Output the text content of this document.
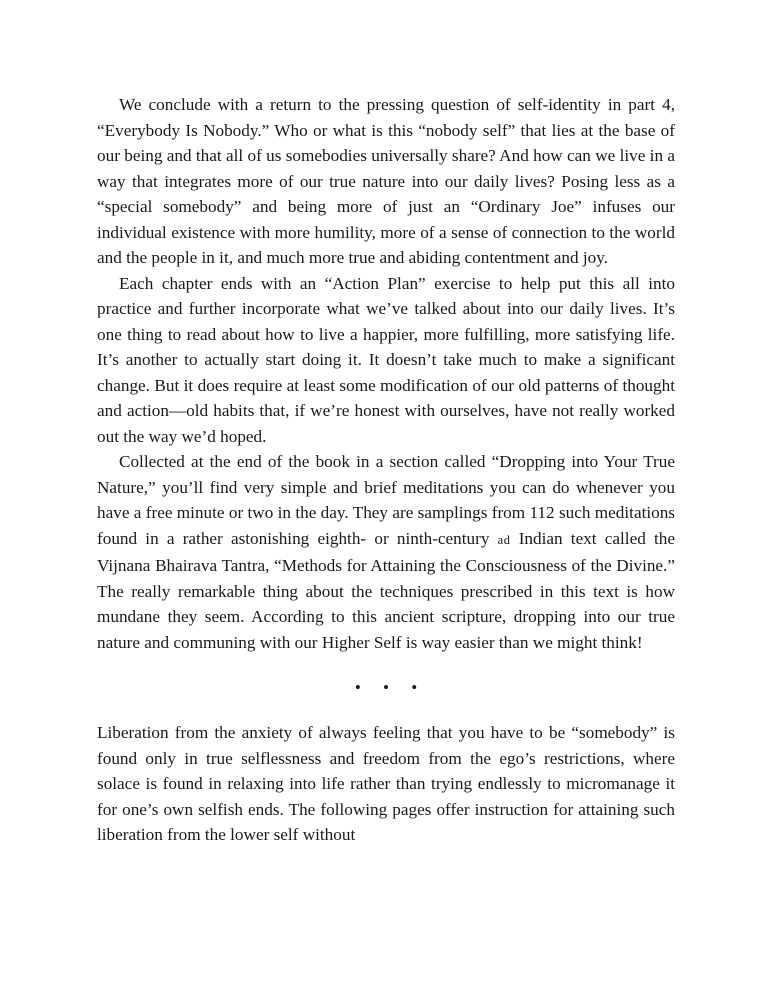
We conclude with a return to the pressing question of self-identity in part 4, “Everybody Is Nobody.” Who or what is this “nobody self” that lies at the base of our being and that all of us somebodies universally share? And how can we live in a way that integrates more of our true nature into our daily lives? Posing less as a “special somebody” and being more of just an “Ordinary Joe” infuses our individual existence with more humility, more of a sense of connection to the world and the people in it, and much more true and abiding contentment and joy.

Each chapter ends with an “Action Plan” exercise to help put this all into practice and further incorporate what we’ve talked about into our daily lives. It’s one thing to read about how to live a happier, more fulfilling, more satisfying life. It’s another to actually start doing it. It doesn’t take much to make a significant change. But it does require at least some modification of our old patterns of thought and action—old habits that, if we’re honest with ourselves, have not really worked out the way we’d hoped.

Collected at the end of the book in a section called “Dropping into Your True Nature,” you’ll find very simple and brief meditations you can do whenever you have a free minute or two in the day. They are samplings from 112 such meditations found in a rather astonishing eighth- or ninth-century ad Indian text called the Vijnana Bhairava Tantra, “Methods for Attaining the Consciousness of the Divine.” The really remarkable thing about the techniques prescribed in this text is how mundane they seem. According to this ancient scripture, dropping into our true nature and communing with our Higher Self is way easier than we might think!

• • •

Liberation from the anxiety of always feeling that you have to be “somebody” is found only in true selflessness and freedom from the ego’s restrictions, where solace is found in relaxing into life rather than trying endlessly to micromanage it for one’s own selfish ends. The following pages offer instruction for attaining such liberation from the lower self without
